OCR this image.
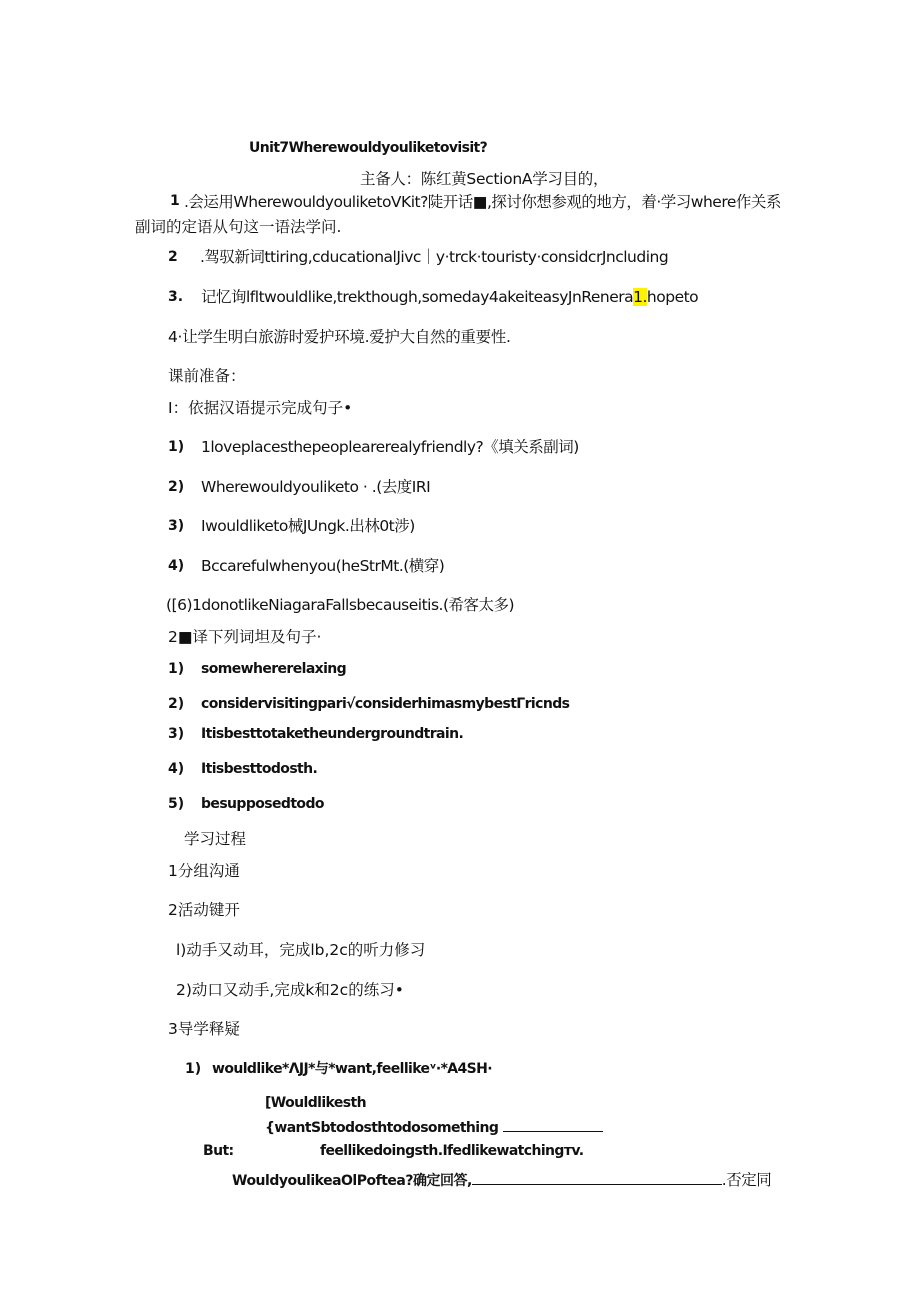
Unit7Wherewouldyouliketovisit?
主备人：陈红黄SectionA学习目的，
1 .会运用WherewouldyouliketoVKit?陡开话■,探讨你想参观的地方，着·学习where作关系
副词的定语从句这一语法学问.
2 .驾驭新词ttiring,cducationalJivc｜y·trck·touristy·considcrJncluding
3. 记忆询lfltwouldlike,trekthough,someday4akeiteasyJnRenera1.hopeto
4·让学生明白旅游时爱护环境.爱护大自然的重要性.
课前准备：
I：依据汉语提示完成句子•
1) 1loveplacesthepeoplearerealyfriendly?《填关系副词)
2) Wherewouldyouliketo · .(去度IRI
3) Iwouldliketo械JUngk.出林0t涉)
4) Bccarefulwhenyou(heStrMt.(横穿)
([6)1donotlikeNiagaraFallsbecauseitis.(希客太多)
2■译下列词坦及句子·
1) somewhererelaxing
2) considervisitingpari√considerhimasmybestΓricnds
3) Itisbesttotaketheundergroundtrain.
4) Itisbesttodosth.
5) besupposedtodo
学习过程
1分组沟通
2活动键开
l)动手又动耳，完成lb,2c的听力修习
2)动口又动手,完成k和2c的练习•
3导学释疑
1) wouldlike*ΛJJ*与*want,feellikeᵛ·*A4SH·
[Wouldlikesth
{wantSbtodosthtodosomething
But:	feellikedoingsth.Ifedlikewatchingтv.
WouldyoulikeaOlPoftea?确定回答,	.否定同
